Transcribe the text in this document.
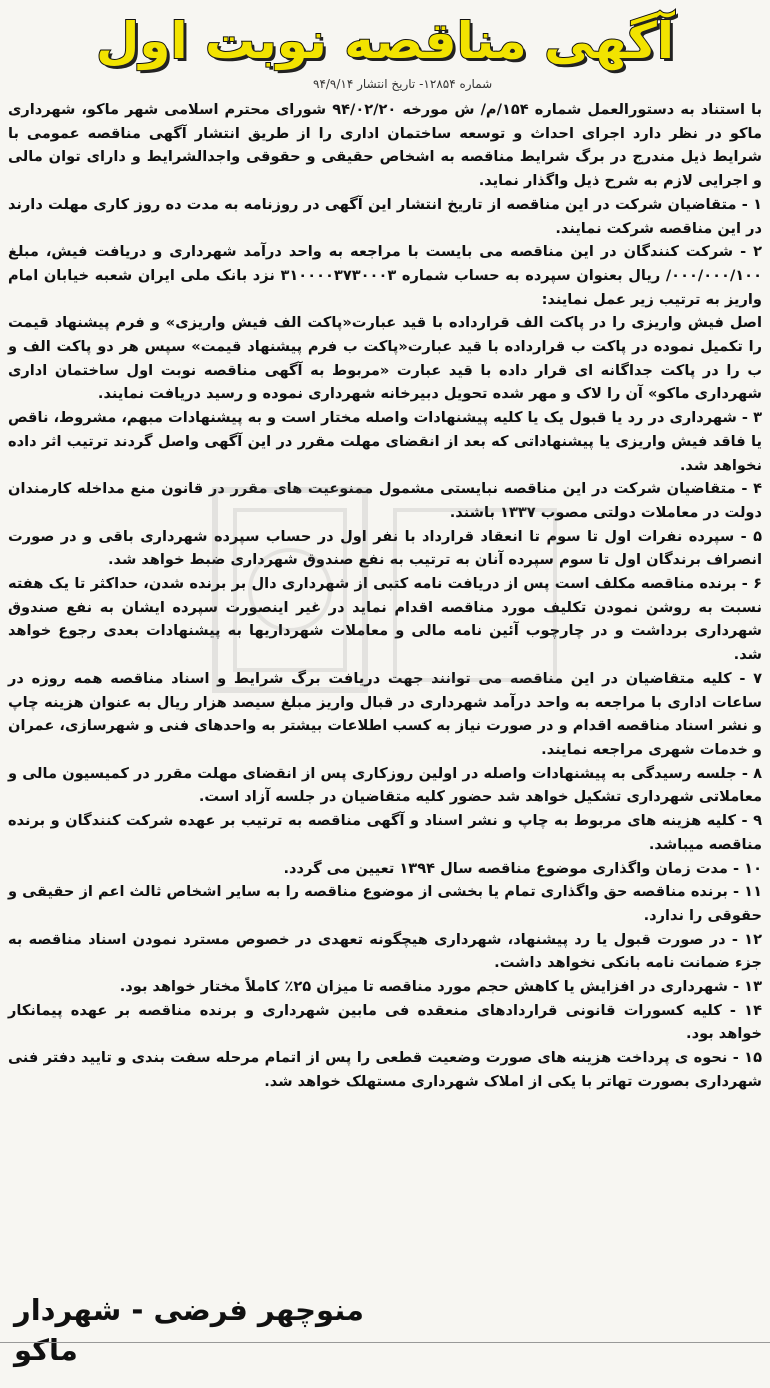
آگهی مناقصه نوبت اول
شماره ۱۲۸۵۴- تاریخ انتشار ۹۴/۹/۱۴

با استناد به دستورالعمل شماره ۱۵۴/م/ ش مورخه ۹۴/۰۲/۲۰ شورای محترم اسلامی شهر ماکو، شهرداری ماکو در نظر دارد اجرای احداث و توسعه ساختمان اداری را از طریق انتشار آگهی مناقصه عمومی با شرایط ذیل مندرج در برگ شرایط مناقصه به اشخاص حقیقی و حقوقی واجدالشرایط و دارای توان مالی و اجرایی لازم به شرح ذیل واگذار نماید.

۱ - متقاضیان شرکت در این مناقصه از تاریخ انتشار این آگهی در روزنامه به مدت ده روز کاری مهلت دارند در این مناقصه شرکت نمایند.

۲ - شرکت کنندگان در این مناقصه می بایست با مراجعه به واحد درآمد شهرداری و دریافت فیش، مبلغ ۰۰۰/۰۰۰/۱۰۰/ ریال بعنوان سپرده به حساب شماره ۳۱۰۰۰۰۳۷۳۰۰۰۳ نزد بانک ملی ایران شعبه خیابان امام واریز به ترتیب زیر عمل نمایند:

اصل فیش واریزی را در پاکت الف قرارداده با قید عبارت«پاکت الف فیش واریزی» و فرم پیشنهاد قیمت را تکمیل نموده در پاکت ب قرارداده با قید عبارت«پاکت ب فرم پیشنهاد قیمت» سپس هر دو پاکت الف و ب را در پاکت جداگانه ای قرار داده با قید عبارت «مربوط به آگهی مناقصه نوبت اول ساختمان اداری شهرداری ماکو» آن را لاک و مهر شده تحویل دبیرخانه شهرداری نموده و رسید دریافت نمایند.

۳ - شهرداری در رد یا قبول یک یا کلیه پیشنهادات واصله مختار است و به پیشنهادات مبهم، مشروط، ناقص یا فاقد فیش واریزی یا پیشنهاداتی که بعد از انقضای مهلت مقرر در این آگهی واصل گردند ترتیب اثر داده نخواهد شد.

۴ - متقاضیان شرکت در این مناقصه نبایستی مشمول ممنوعیت های مقرر در قانون منع مداخله کارمندان دولت در معاملات دولتی مصوب ۱۳۳۷ باشند.

۵ - سپرده نفرات اول تا سوم تا انعقاد قرارداد با نفر اول در حساب سپرده شهرداری باقی و در صورت انصراف برندگان اول تا سوم سپرده آنان به ترتیب به نفع صندوق شهرداری ضبط خواهد شد.

۶ - برنده مناقصه مکلف است پس از دریافت نامه کتبی از شهرداری دال بر برنده شدن، حداکثر تا یک هفته نسبت به روشن نمودن تکلیف مورد مناقصه اقدام نماید در غیر اینصورت سپرده ایشان به نفع صندوق شهرداری برداشت و در چارچوب آئین نامه مالی و معاملات شهرداریها به پیشنهادات بعدی رجوع خواهد شد.

۷ - کلیه متقاضیان در این مناقصه می توانند جهت دریافت برگ شرایط و اسناد مناقصه همه روزه در ساعات اداری با مراجعه به واحد درآمد شهرداری در قبال واریز مبلغ سیصد هزار ریال به عنوان هزینه چاپ و نشر اسناد مناقصه اقدام و در صورت نیاز به کسب اطلاعات بیشتر به واحدهای فنی و شهرسازی، عمران و خدمات شهری مراجعه نمایند.

۸ - جلسه رسیدگی به پیشنهادات واصله در اولین روزکاری پس از انقضای مهلت مقرر در کمیسیون مالی و معاملاتی شهرداری تشکیل خواهد شد حضور کلیه متقاضیان در جلسه آزاد است.

۹ - کلیه هزینه های مربوط به چاپ و نشر اسناد و آگهی مناقصه به ترتیب بر عهده شرکت کنندگان و برنده مناقصه میباشد.

۱۰ - مدت زمان واگذاری موضوع مناقصه سال ۱۳۹۴ تعیین می گردد.

۱۱ - برنده مناقصه حق واگذاری تمام یا بخشی از موضوع مناقصه را به سایر اشخاص ثالث اعم از حقیقی و حقوقی را ندارد.

۱۲ - در صورت قبول یا رد پیشنهاد، شهرداری هیچگونه تعهدی در خصوص مسترد نمودن اسناد مناقصه به جزء ضمانت نامه بانکی نخواهد داشت.

۱۳ - شهرداری در افزایش یا کاهش حجم مورد مناقصه تا میزان ۲۵٪ کاملاً مختار خواهد بود.

۱۴ - کلیه کسورات قانونی قراردادهای منعقده فی مابین شهرداری و برنده مناقصه بر عهده پیمانکار خواهد بود.

۱۵ - نحوه ی پرداخت هزینه های صورت وضعیت قطعی را پس از اتمام مرحله سفت بندی و تایید دفتر فنی شهرداری بصورت تهاتر با یکی از املاک شهرداری مستهلک خواهد شد.

منوچهر فرضی - شهردار ماکو
